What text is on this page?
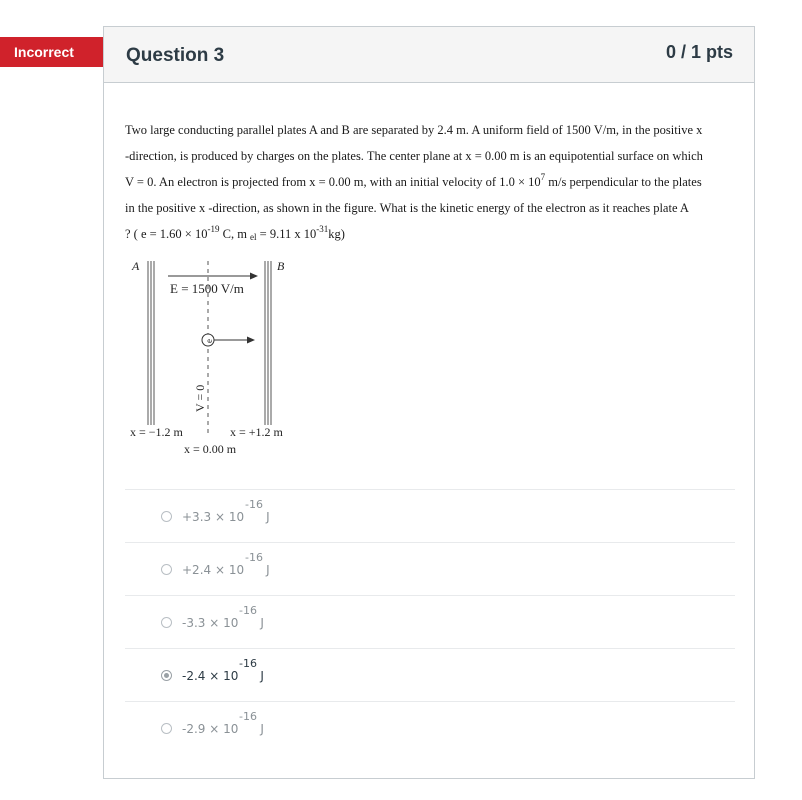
Incorrect	Question 3	0 / 1 pts

Two large conducting parallel plates A and B are separated by 2.4 m. A uniform field of 1500 V/m, in the positive x

-direction, is produced by charges on the plates. The center plane at x = 0.00 m is an equipotential surface on which

V = 0. An electron is projected from x = 0.00 m, with an initial velocity of $1.0 \times 10^7$ m/s perpendicular to the plates

in the positive x -direction, as shown in the figure. What is the kinetic energy of the electron as it reaches plate A

? ( $e = 1.60 \times 10^{-19}$ C, m $_{el}$ = 9.11 x $10^{-31}kg$)

A	B
E = 1500 V/m
e
V = 0
x = −1.2 m	x = +1.2 m
x = 0.00 m
+3.3 × 10
-16
J
+2.4 × 10
-16
J
-3.3 × 10
-16
J
-2.4 × 10
-16
J
-2.9 × 10
-16
J
